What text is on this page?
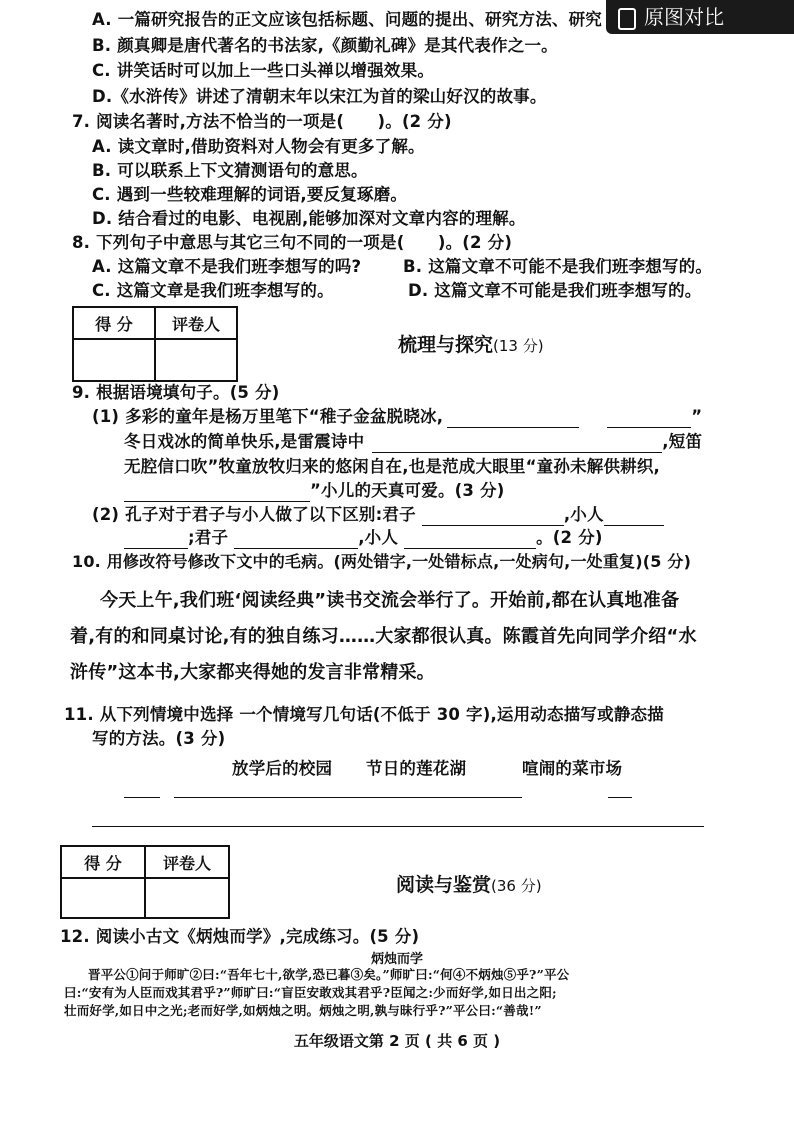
原图对比
A. 一篇研究报告的正文应该包括标题、问题的提出、研究方法、研究
B. 颜真卿是唐代著名的书法家,《颜勤礼碑》是其代表作之一。
C. 讲笑话时可以加上一些口头禅以增强效果。
D.《水浒传》讲述了清朝末年以宋江为首的梁山好汉的故事。
7. 阅读名著时,方法不恰当的一项是(　　)。(2 分)
A. 读文章时,借助资料对人物会有更多了解。
B. 可以联系上下文猜测语句的意思。
C. 遇到一些较难理解的词语,要反复琢磨。
D. 结合看过的电影、电视剧,能够加深对文章内容的理解。
8. 下列句子中意思与其它三句不同的一项是(　　)。(2 分)
A. 这篇文章不是我们班李想写的吗?	B. 这篇文章不可能不是我们班李想写的。
C. 这篇文章是我们班李想写的。	D. 这篇文章不可能是我们班李想写的。
得 分	评卷人

梳理与探究(13 分)
9. 根据语境填句子。(5 分)
(1) 多彩的童年是杨万里笔下“稚子金盆脱晓冰,	”
冬日戏冰的简单快乐,是雷震诗中	,短笛
无腔信口吹”牧童放牧归来的悠闲自在,也是范成大眼里“童孙未解供耕织,
”小儿的天真可爱。(3 分)
(2) 孔子对于君子与小人做了以下区别:君子	,小人
;君子	,小人	。(2 分)
10. 用修改符号修改下文中的毛病。(两处错字,一处错标点,一处病句,一处重复)(5 分)
今天上午,我们班‘阅读经典”读书交流会举行了。开始前,都在认真地准备
着,有的和同桌讨论,有的独自练习……大家都很认真。陈霞首先向同学介绍“水
浒传”这本书,大家都夹得她的发言非常精采。
11. 从下列情境中选择 一个情境写几句话(不低于 30 字),运用动态描写或静态描
写的方法。(3 分)
放学后的校园 节日的莲花湖	喧闹的菜市场
得 分	评卷人

阅读与鉴赏(36 分)
12. 阅读小古文《炳烛而学》,完成练习。(5 分)
炳烛而学
晋平公①问于师旷②曰:“吾年七十,欲学,恐已暮③矣。”师旷曰:“何④不炳烛⑤乎?”平公
曰:“安有为人臣而戏其君乎?”师旷曰:“盲臣安敢戏其君乎?臣闻之:少而好学,如日出之阳;
壮而好学,如日中之光;老而好学,如炳烛之明。炳烛之明,孰与昧行乎?”平公曰:“善哉!”
五年级语文第 2 页 ( 共 6 页 )
